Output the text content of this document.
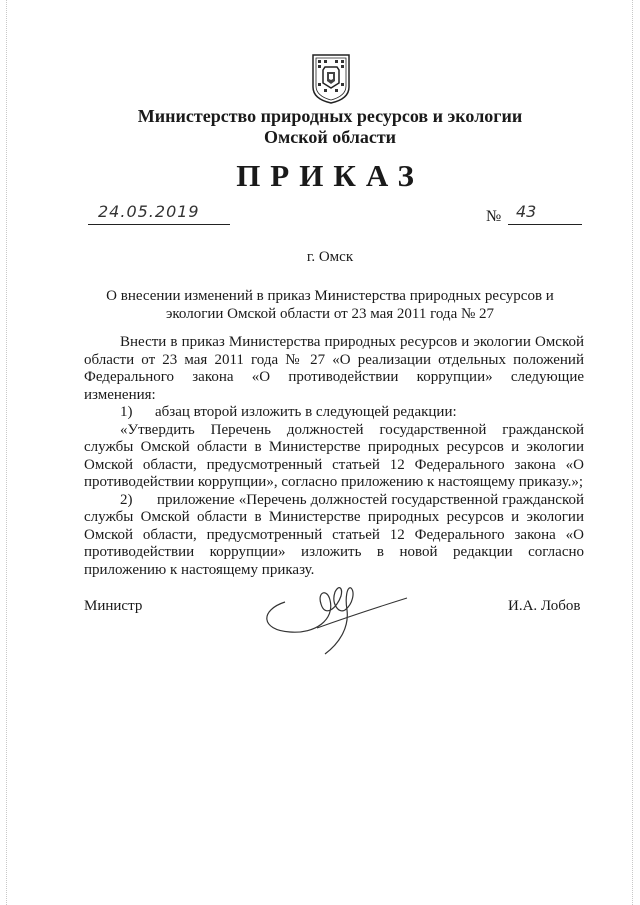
Министерство природных ресурсов и экологии
Омской области
ПРИКАЗ
24.05.2019	№ 43
г. Омск
О внесении изменений в приказ Министерства природных ресурсов и экологии Омской области от 23 мая 2011 года № 27

Внести в приказ Министерства природных ресурсов и экологии Омской области от 23 мая 2011 года № 27 «О реализации отдельных положений Федерального закона «О противодействии коррупции» следующие изменения:

1)      абзац второй изложить в следующей редакции:

«Утвердить Перечень должностей государственной гражданской службы Омской области в Министерстве природных ресурсов и экологии Омской области, предусмотренный статьей 12 Федерального закона «О противодействии коррупции», согласно приложению к настоящему приказу.»;

2)      приложение «Перечень должностей государственной гражданской службы Омской области в Министерстве природных ресурсов и экологии Омской области, предусмотренный статьей 12 Федерального закона «О противодействии коррупции» изложить в новой редакции согласно приложению к настоящему приказу.

Министр	И.А. Лобов
